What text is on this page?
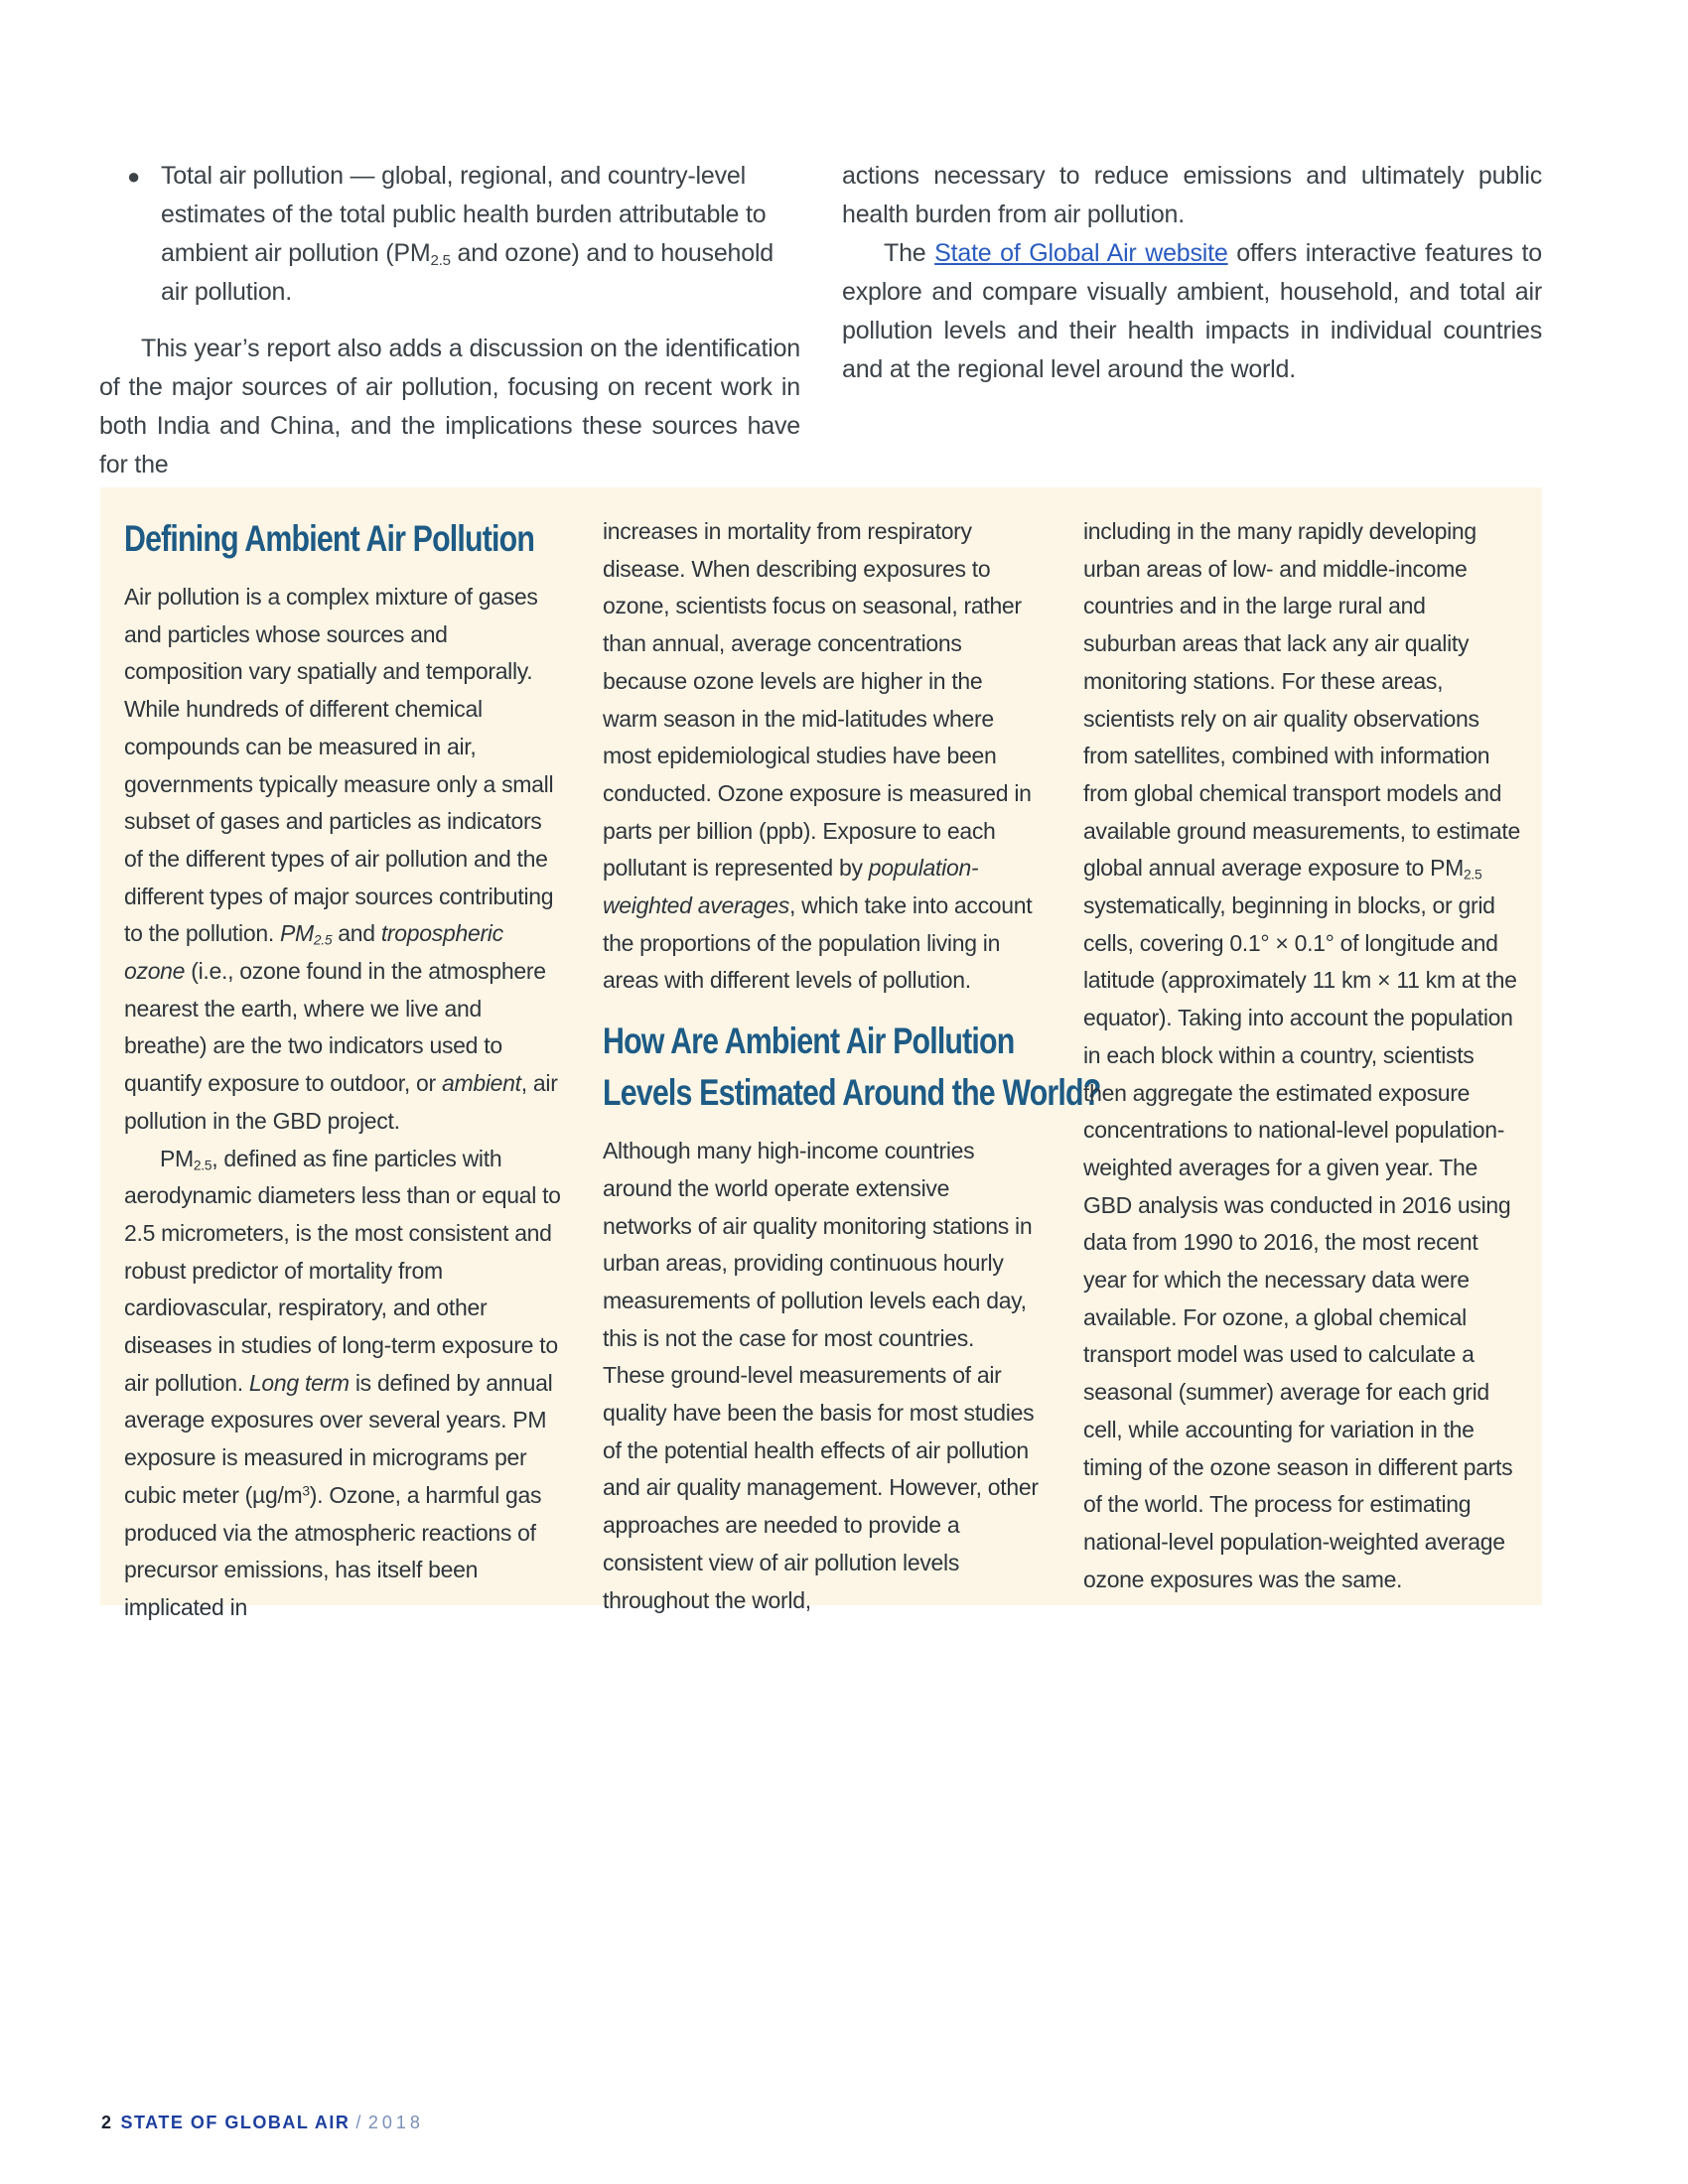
● Total air pollution — global, regional, and country-level estimates of the total public health burden attributable to ambient air pollution ($PM_{2.5}$ and ozone) and to household air pollution.

This year’s report also adds a discussion on the identification of the major sources of air pollution, focusing on recent work in both India and China, and the implications these sources have for the

actions necessary to reduce emissions and ultimately public health burden from air pollution.

The State of Global Air website offers interactive features to explore and compare visually ambient, household, and total air pollution levels and their health impacts in individual countries and at the regional level around the world.

Defining Ambient Air Pollution

Air pollution is a complex mixture of gases and particles whose sources and composition vary spatially and temporally. While hundreds of different chemical compounds can be measured in air, governments typically measure only a small subset of gases and particles as indicators of the different types of air pollution and the different types of major sources contributing to the pollution. $PM_{2.5}$ and tropospheric ozone (i.e., ozone found in the atmosphere nearest the earth, where we live and breathe) are the two indicators used to quantify exposure to outdoor, or ambient, air pollution in the GBD project.

$PM_{2.5}$, defined as fine particles with aerodynamic diameters less than or equal to 2.5 micrometers, is the most consistent and robust predictor of mortality from cardiovascular, respiratory, and other diseases in studies of long-term exposure to air pollution. Long term is defined by annual average exposures over several years. PM exposure is measured in micrograms per cubic meter $(\mu g/m^3)$. Ozone, a harmful gas produced via the atmospheric reactions of precursor emissions, has itself been implicated in

increases in mortality from respiratory disease. When describing exposures to ozone, scientists focus on seasonal, rather than annual, average concentrations because ozone levels are higher in the warm season in the mid-latitudes where most epidemiological studies have been conducted. Ozone exposure is measured in parts per billion (ppb). Exposure to each pollutant is represented by population-weighted averages, which take into account the proportions of the population living in areas with different levels of pollution.

How Are Ambient Air Pollution
Levels Estimated Around the World?

Although many high-income countries around the world operate extensive networks of air quality monitoring stations in urban areas, providing continuous hourly measurements of pollution levels each day, this is not the case for most countries. These ground-level measurements of air quality have been the basis for most studies of the potential health effects of air pollution and air quality management. However, other approaches are needed to provide a consistent view of air pollution levels throughout the world,

including in the many rapidly developing urban areas of low- and middle-income countries and in the large rural and suburban areas that lack any air quality monitoring stations. For these areas, scientists rely on air quality observations from satellites, combined with information from global chemical transport models and available ground measurements, to estimate global annual average exposure to $PM_{2.5}$ systematically, beginning in blocks, or grid cells, covering 0.1° × 0.1° of longitude and latitude (approximately 11 km × 11 km at the equator). Taking into account the population in each block within a country, scientists then aggregate the estimated exposure concentrations to national-level population-weighted averages for a given year. The GBD analysis was conducted in 2016 using data from 1990 to 2016, the most recent year for which the necessary data were available. For ozone, a global chemical transport model was used to calculate a seasonal (summer) average for each grid cell, while accounting for variation in the timing of the ozone season in different parts of the world. The process for estimating national-level population-weighted average ozone exposures was the same.

2 STATE OF GLOBAL AIR / 2018
